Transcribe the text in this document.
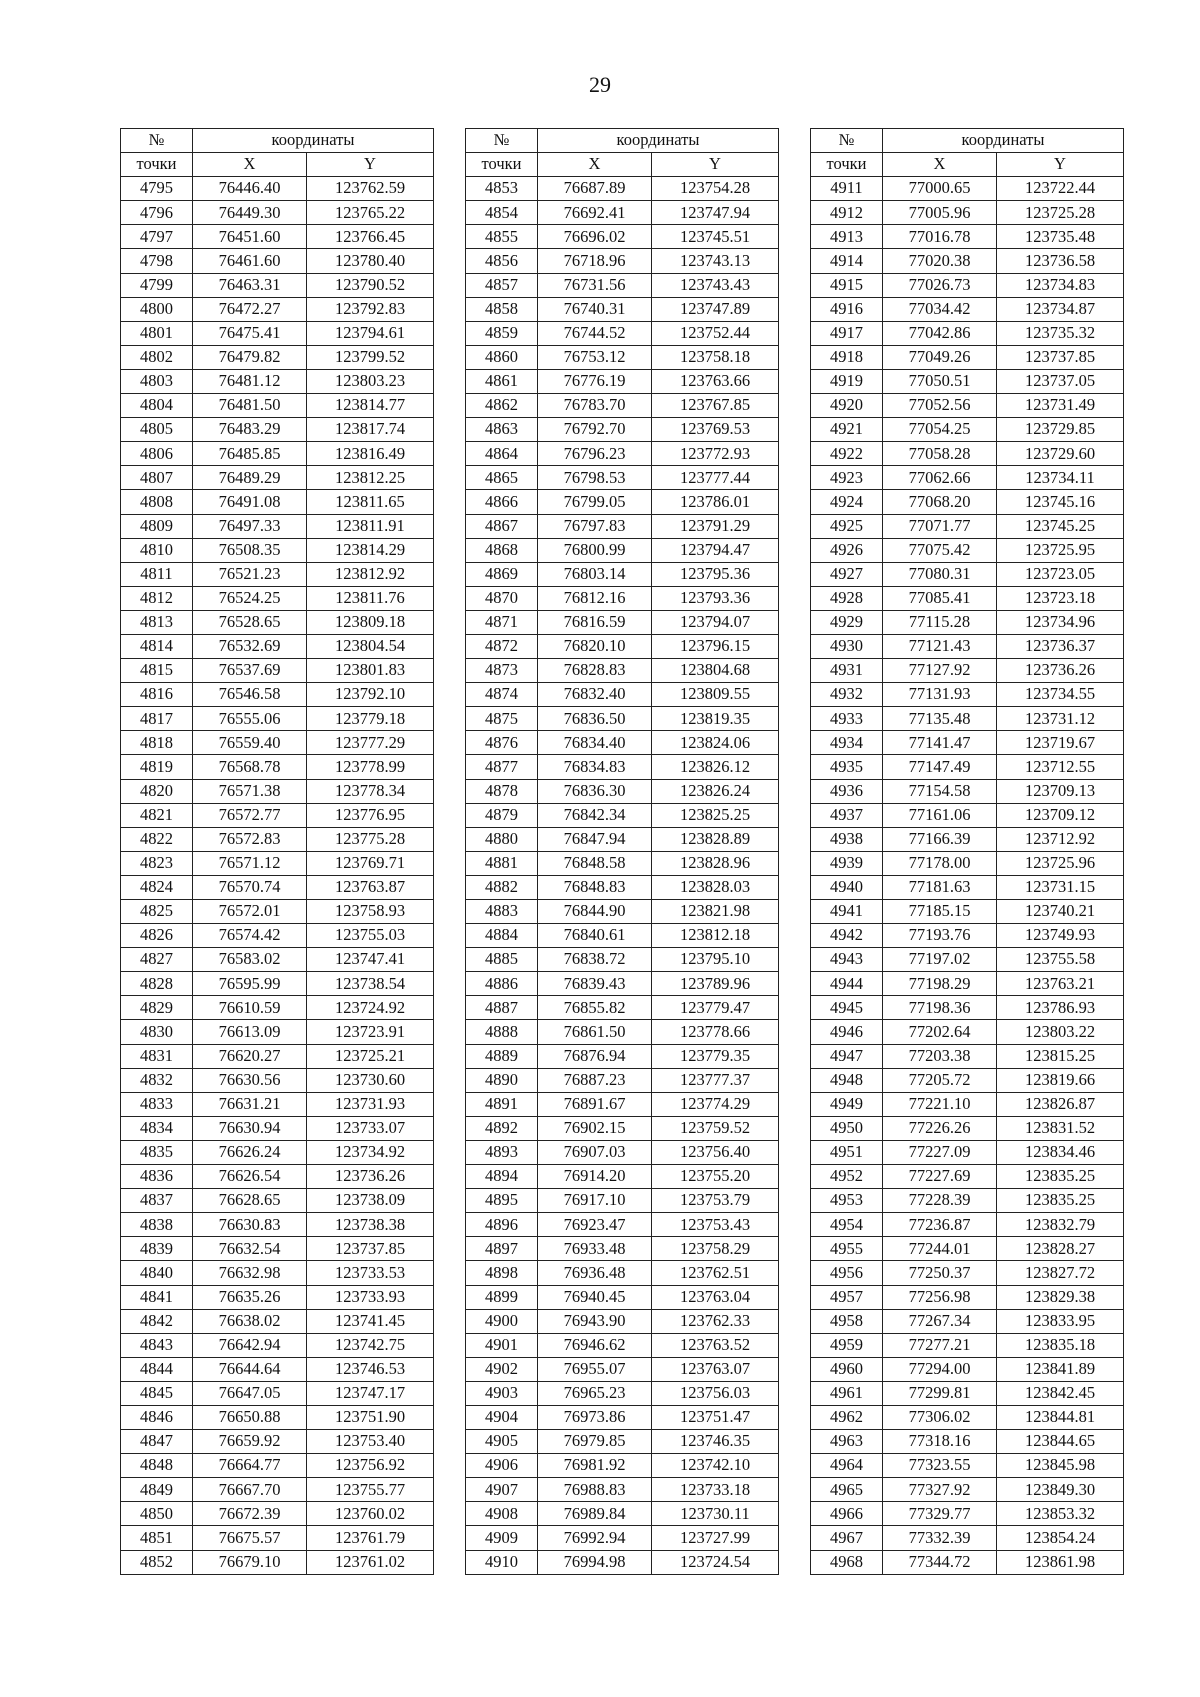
29
№	координаты	
точки	X	Y
4795	76446.40	123762.59
4796	76449.30	123765.22
4797	76451.60	123766.45
4798	76461.60	123780.40
4799	76463.31	123790.52
4800	76472.27	123792.83
4801	76475.41	123794.61
4802	76479.82	123799.52
4803	76481.12	123803.23
4804	76481.50	123814.77
4805	76483.29	123817.74
4806	76485.85	123816.49
4807	76489.29	123812.25
4808	76491.08	123811.65
4809	76497.33	123811.91
4810	76508.35	123814.29
4811	76521.23	123812.92
4812	76524.25	123811.76
4813	76528.65	123809.18
4814	76532.69	123804.54
4815	76537.69	123801.83
4816	76546.58	123792.10
4817	76555.06	123779.18
4818	76559.40	123777.29
4819	76568.78	123778.99
4820	76571.38	123778.34
4821	76572.77	123776.95
4822	76572.83	123775.28
4823	76571.12	123769.71
4824	76570.74	123763.87
4825	76572.01	123758.93
4826	76574.42	123755.03
4827	76583.02	123747.41
4828	76595.99	123738.54
4829	76610.59	123724.92
4830	76613.09	123723.91
4831	76620.27	123725.21
4832	76630.56	123730.60
4833	76631.21	123731.93
4834	76630.94	123733.07
4835	76626.24	123734.92
4836	76626.54	123736.26
4837	76628.65	123738.09
4838	76630.83	123738.38
4839	76632.54	123737.85
4840	76632.98	123733.53
4841	76635.26	123733.93
4842	76638.02	123741.45
4843	76642.94	123742.75
4844	76644.64	123746.53
4845	76647.05	123747.17
4846	76650.88	123751.90
4847	76659.92	123753.40
4848	76664.77	123756.92
4849	76667.70	123755.77
4850	76672.39	123760.02
4851	76675.57	123761.79
4852	76679.10	123761.02
№	координаты	
точки	X	Y
4853	76687.89	123754.28
4854	76692.41	123747.94
4855	76696.02	123745.51
4856	76718.96	123743.13
4857	76731.56	123743.43
4858	76740.31	123747.89
4859	76744.52	123752.44
4860	76753.12	123758.18
4861	76776.19	123763.66
4862	76783.70	123767.85
4863	76792.70	123769.53
4864	76796.23	123772.93
4865	76798.53	123777.44
4866	76799.05	123786.01
4867	76797.83	123791.29
4868	76800.99	123794.47
4869	76803.14	123795.36
4870	76812.16	123793.36
4871	76816.59	123794.07
4872	76820.10	123796.15
4873	76828.83	123804.68
4874	76832.40	123809.55
4875	76836.50	123819.35
4876	76834.40	123824.06
4877	76834.83	123826.12
4878	76836.30	123826.24
4879	76842.34	123825.25
4880	76847.94	123828.89
4881	76848.58	123828.96
4882	76848.83	123828.03
4883	76844.90	123821.98
4884	76840.61	123812.18
4885	76838.72	123795.10
4886	76839.43	123789.96
4887	76855.82	123779.47
4888	76861.50	123778.66
4889	76876.94	123779.35
4890	76887.23	123777.37
4891	76891.67	123774.29
4892	76902.15	123759.52
4893	76907.03	123756.40
4894	76914.20	123755.20
4895	76917.10	123753.79
4896	76923.47	123753.43
4897	76933.48	123758.29
4898	76936.48	123762.51
4899	76940.45	123763.04
4900	76943.90	123762.33
4901	76946.62	123763.52
4902	76955.07	123763.07
4903	76965.23	123756.03
4904	76973.86	123751.47
4905	76979.85	123746.35
4906	76981.92	123742.10
4907	76988.83	123733.18
4908	76989.84	123730.11
4909	76992.94	123727.99
4910	76994.98	123724.54
№	координаты	
точки	X	Y
4911	77000.65	123722.44
4912	77005.96	123725.28
4913	77016.78	123735.48
4914	77020.38	123736.58
4915	77026.73	123734.83
4916	77034.42	123734.87
4917	77042.86	123735.32
4918	77049.26	123737.85
4919	77050.51	123737.05
4920	77052.56	123731.49
4921	77054.25	123729.85
4922	77058.28	123729.60
4923	77062.66	123734.11
4924	77068.20	123745.16
4925	77071.77	123745.25
4926	77075.42	123725.95
4927	77080.31	123723.05
4928	77085.41	123723.18
4929	77115.28	123734.96
4930	77121.43	123736.37
4931	77127.92	123736.26
4932	77131.93	123734.55
4933	77135.48	123731.12
4934	77141.47	123719.67
4935	77147.49	123712.55
4936	77154.58	123709.13
4937	77161.06	123709.12
4938	77166.39	123712.92
4939	77178.00	123725.96
4940	77181.63	123731.15
4941	77185.15	123740.21
4942	77193.76	123749.93
4943	77197.02	123755.58
4944	77198.29	123763.21
4945	77198.36	123786.93
4946	77202.64	123803.22
4947	77203.38	123815.25
4948	77205.72	123819.66
4949	77221.10	123826.87
4950	77226.26	123831.52
4951	77227.09	123834.46
4952	77227.69	123835.25
4953	77228.39	123835.25
4954	77236.87	123832.79
4955	77244.01	123828.27
4956	77250.37	123827.72
4957	77256.98	123829.38
4958	77267.34	123833.95
4959	77277.21	123835.18
4960	77294.00	123841.89
4961	77299.81	123842.45
4962	77306.02	123844.81
4963	77318.16	123844.65
4964	77323.55	123845.98
4965	77327.92	123849.30
4966	77329.77	123853.32
4967	77332.39	123854.24
4968	77344.72	123861.98
